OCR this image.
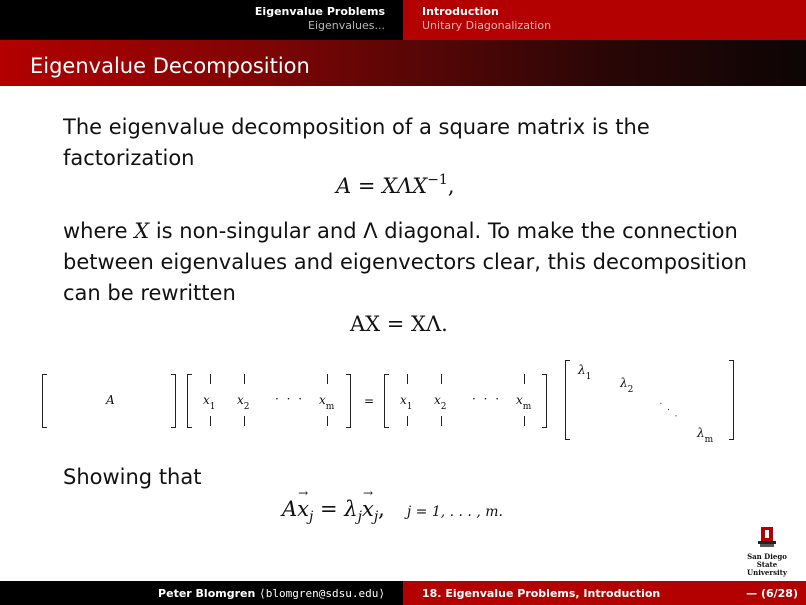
Eigenvalue Problems
Eigenvalues...
Introduction
Unitary Diagonalization
Eigenvalue Decomposition
The eigenvalue decomposition of a square matrix is the factorization
$A = X\Lambda X^{-1}$,
where X is non-singular and Λ diagonal. To make the connection between eigenvalues and eigenvectors clear, this decomposition can be rewritten
AX = XΛ.
A	$x_1$ $x_2$
· · · $x_m = x_1$ $x_2$
· · · $x_m$
$\lambda_1$ $\lambda_2$
. . .
$\lambda_m$
Showing that
$Ax \to_j = \lambda_jx \to_j$, j = 1, . . . , m.
San Diego State
University
Peter Blomgren ⟨blomgren@sdsu.edu⟩	18. Eigenvalue Problems, Introduction	— (6/28)
